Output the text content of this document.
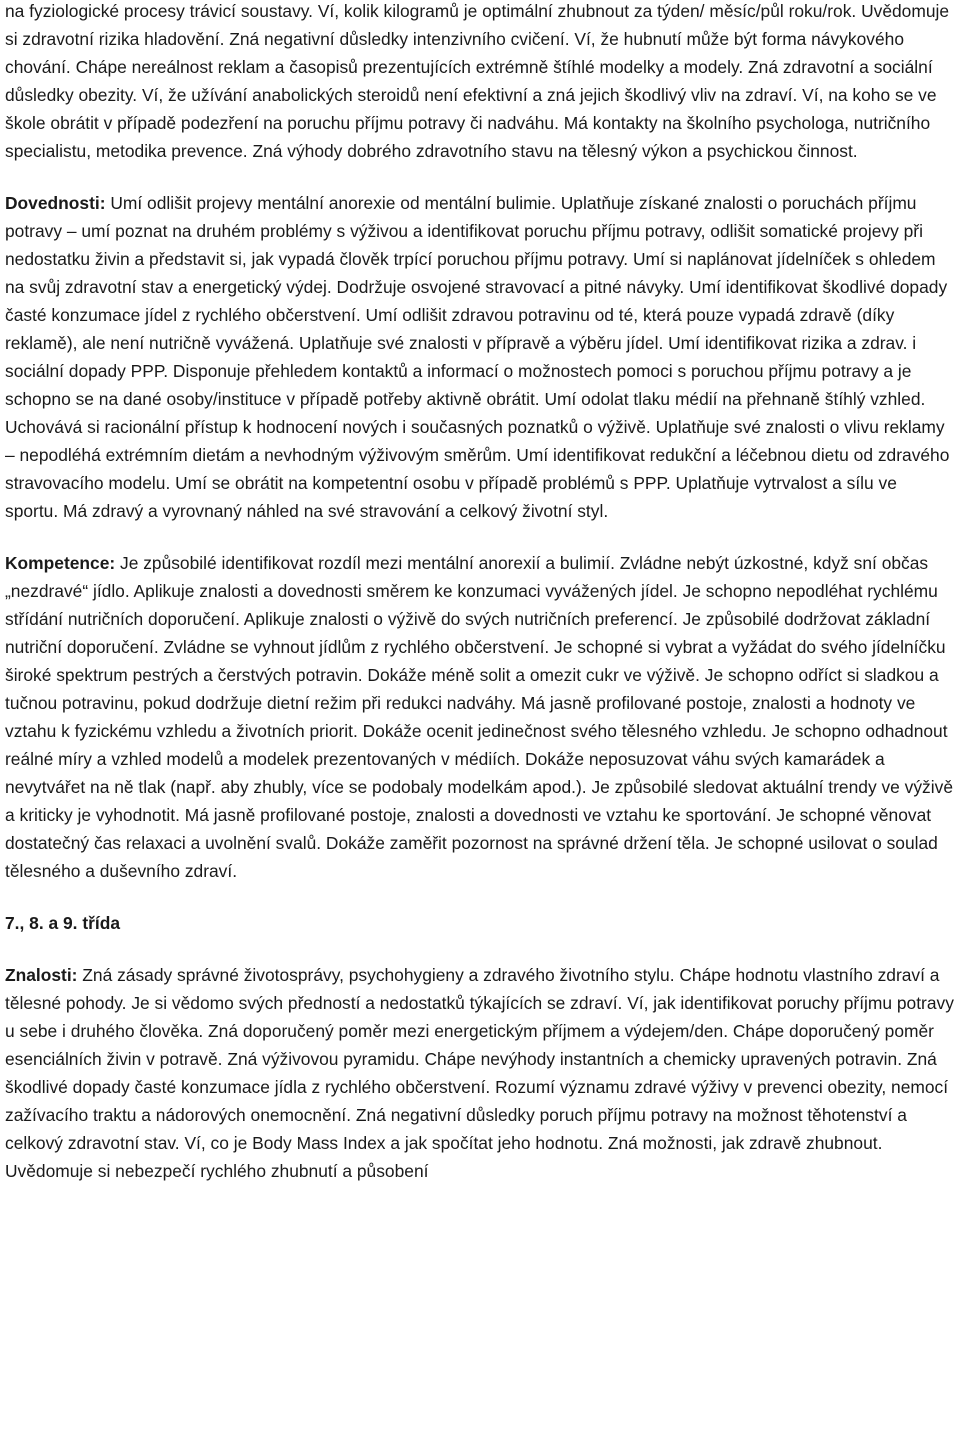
na fyziologické procesy trávicí soustavy. Ví, kolik kilogramů je optimální zhubnout za týden/ měsíc/půl roku/rok. Uvědomuje si zdravotní rizika hladovění. Zná negativní důsledky intenzivního cvičení. Ví, že hubnutí může být forma návykového chování. Chápe nereálnost reklam a časopisů prezentujících extrémně štíhlé modelky a modely. Zná zdravotní a sociální důsledky obezity. Ví, že užívání anabolických steroidů není efektivní a zná jejich škodlivý vliv na zdraví. Ví, na koho se ve škole obrátit v případě podezření na poruchu příjmu potravy či nadváhu. Má kontakty na školního psychologa, nutričního specialistu, metodika prevence. Zná výhody dobrého zdravotního stavu na tělesný výkon a psychickou činnost.

Dovednosti: Umí odlišit projevy mentální anorexie od mentální bulimie. Uplatňuje získané znalosti o poruchách příjmu potravy – umí poznat na druhém problémy s výživou a identifikovat poruchu příjmu potravy, odlišit somatické projevy při nedostatku živin a představit si, jak vypadá člověk trpící poruchou příjmu potravy. Umí si naplánovat jídelníček s ohledem na svůj zdravotní stav a energetický výdej. Dodržuje osvojené stravovací a pitné návyky. Umí identifikovat škodlivé dopady časté konzumace jídel z rychlého občerstvení. Umí odlišit zdravou potravinu od té, která pouze vypadá zdravě (díky reklamě), ale není nutričně vyvážená. Uplatňuje své znalosti v přípravě a výběru jídel. Umí identifikovat rizika a zdrav. i sociální dopady PPP. Disponuje přehledem kontaktů a informací o možnostech pomoci s poruchou příjmu potravy a je schopno se na dané osoby/instituce v případě potřeby aktivně obrátit. Umí odolat tlaku médií na přehnaně štíhlý vzhled. Uchovává si racionální přístup k hodnocení nových i současných poznatků o výživě. Uplatňuje své znalosti o vlivu reklamy – nepodléhá extrémním dietám a nevhodným výživovým směrům. Umí identifikovat redukční a léčebnou dietu od zdravého stravovacího modelu. Umí se obrátit na kompetentní osobu v případě problémů s PPP. Uplatňuje vytrvalost a sílu ve sportu. Má zdravý a vyrovnaný náhled na své stravování a celkový životní styl.

Kompetence: Je způsobilé identifikovat rozdíl mezi mentální anorexií a bulimií. Zvládne nebýt úzkostné, když sní občas „nezdravé“ jídlo. Aplikuje znalosti a dovednosti směrem ke konzumaci vyvážených jídel. Je schopno nepodléhat rychlému střídání nutričních doporučení. Aplikuje znalosti o výživě do svých nutričních preferencí. Je způsobilé dodržovat základní nutriční doporučení. Zvládne se vyhnout jídlům z rychlého občerstvení. Je schopné si vybrat a vyžádat do svého jídelníčku široké spektrum pestrých a čerstvých potravin. Dokáže méně solit a omezit cukr ve výživě. Je schopno odříct si sladkou a tučnou potravinu, pokud dodržuje dietní režim při redukci nadváhy. Má jasně profilované postoje, znalosti a hodnoty ve vztahu k fyzickému vzhledu a životních priorit. Dokáže ocenit jedinečnost svého tělesného vzhledu. Je schopno odhadnout reálné míry a vzhled modelů a modelek prezentovaných v médiích. Dokáže neposuzovat váhu svých kamarádek a nevytvářet na ně tlak (např. aby zhubly, více se podobaly modelkám apod.). Je způsobilé sledovat aktuální trendy ve výživě a kriticky je vyhodnotit. Má jasně profilované postoje, znalosti a dovednosti ve vztahu ke sportování. Je schopné věnovat dostatečný čas relaxaci a uvolnění svalů. Dokáže zaměřit pozornost na správné držení těla. Je schopné usilovat o soulad tělesného a duševního zdraví.

7., 8. a 9. třída

Znalosti: Zná zásady správné životosprávy, psychohygieny a zdravého životního stylu. Chápe hodnotu vlastního zdraví a tělesné pohody. Je si vědomo svých předností a nedostatků týkajících se zdraví. Ví, jak identifikovat poruchy příjmu potravy u sebe i druhého člověka. Zná doporučený poměr mezi energetickým příjmem a výdejem/den. Chápe doporučený poměr esenciálních živin v potravě. Zná výživovou pyramidu. Chápe nevýhody instantních a chemicky upravených potravin. Zná škodlivé dopady časté konzumace jídla z rychlého občerstvení. Rozumí významu zdravé výživy v prevenci obezity, nemocí zažívacího traktu a nádorových onemocnění. Zná negativní důsledky poruch příjmu potravy na možnost těhotenství a celkový zdravotní stav. Ví, co je Body Mass Index a jak spočítat jeho hodnotu. Zná možnosti, jak zdravě zhubnout. Uvědomuje si nebezpečí rychlého zhubnutí a působení
